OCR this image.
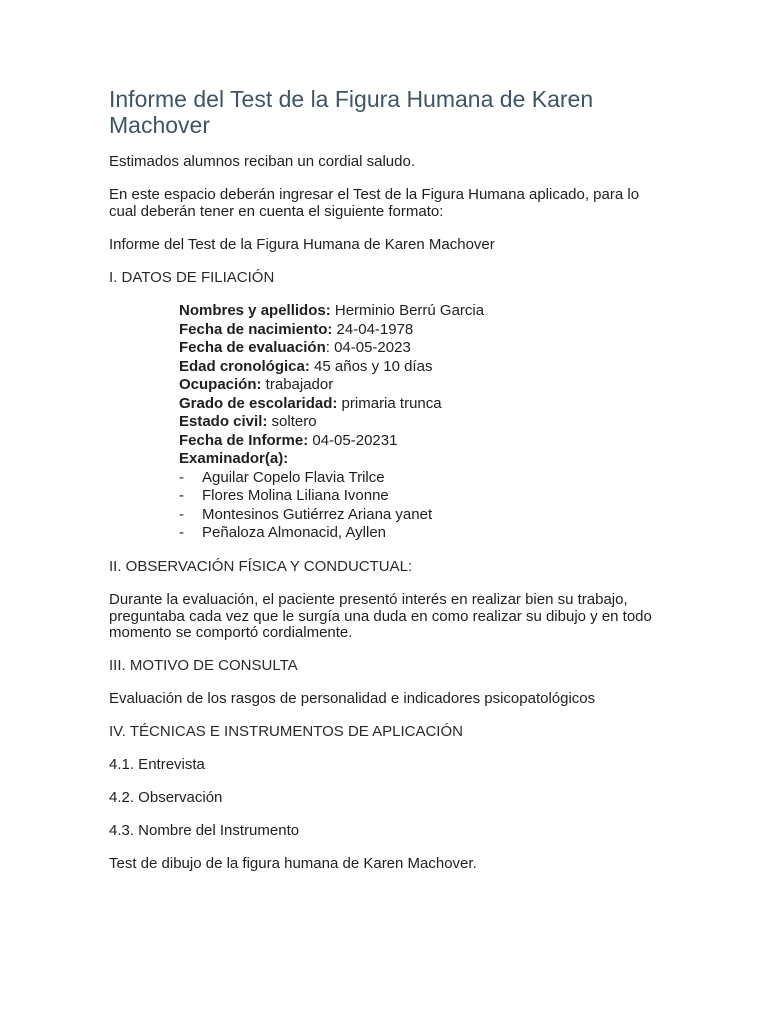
Informe del Test de la Figura Humana de Karen Machover

Estimados alumnos reciban un cordial saludo.

En este espacio deberán ingresar el Test de la Figura Humana aplicado, para lo cual deberán tener en cuenta el siguiente formato:

Informe del Test de la Figura Humana de Karen Machover

I. DATOS DE FILIACIÓN

Nombres y apellidos: Herminio Berrú Garcia
Fecha de nacimiento: 24-04-1978
Fecha de evaluación: 04-05-2023
Edad cronológica: 45 años y 10 días
Ocupación: trabajador
Grado de escolaridad: primaria trunca
Estado civil: soltero
Fecha de Informe: 04-05-20231
Examinador(a):
-	Aguilar Copelo Flavia Trilce
-	Flores Molina Liliana Ivonne
-	Montesinos Gutiérrez Ariana yanet
-	Peñaloza Almonacid, Ayllen

II. OBSERVACIÓN FÍSICA Y CONDUCTUAL:

Durante la evaluación, el paciente presentó interés en realizar bien su trabajo, preguntaba cada vez que le surgía una duda en como realizar su dibujo y en todo momento se comportó cordialmente.

III. MOTIVO DE CONSULTA

Evaluación de los rasgos de personalidad e indicadores psicopatológicos

IV. TÉCNICAS E INSTRUMENTOS DE APLICACIÓN

4.1. Entrevista

4.2. Observación

4.3. Nombre del Instrumento

Test de dibujo de la figura humana de Karen Machover.
